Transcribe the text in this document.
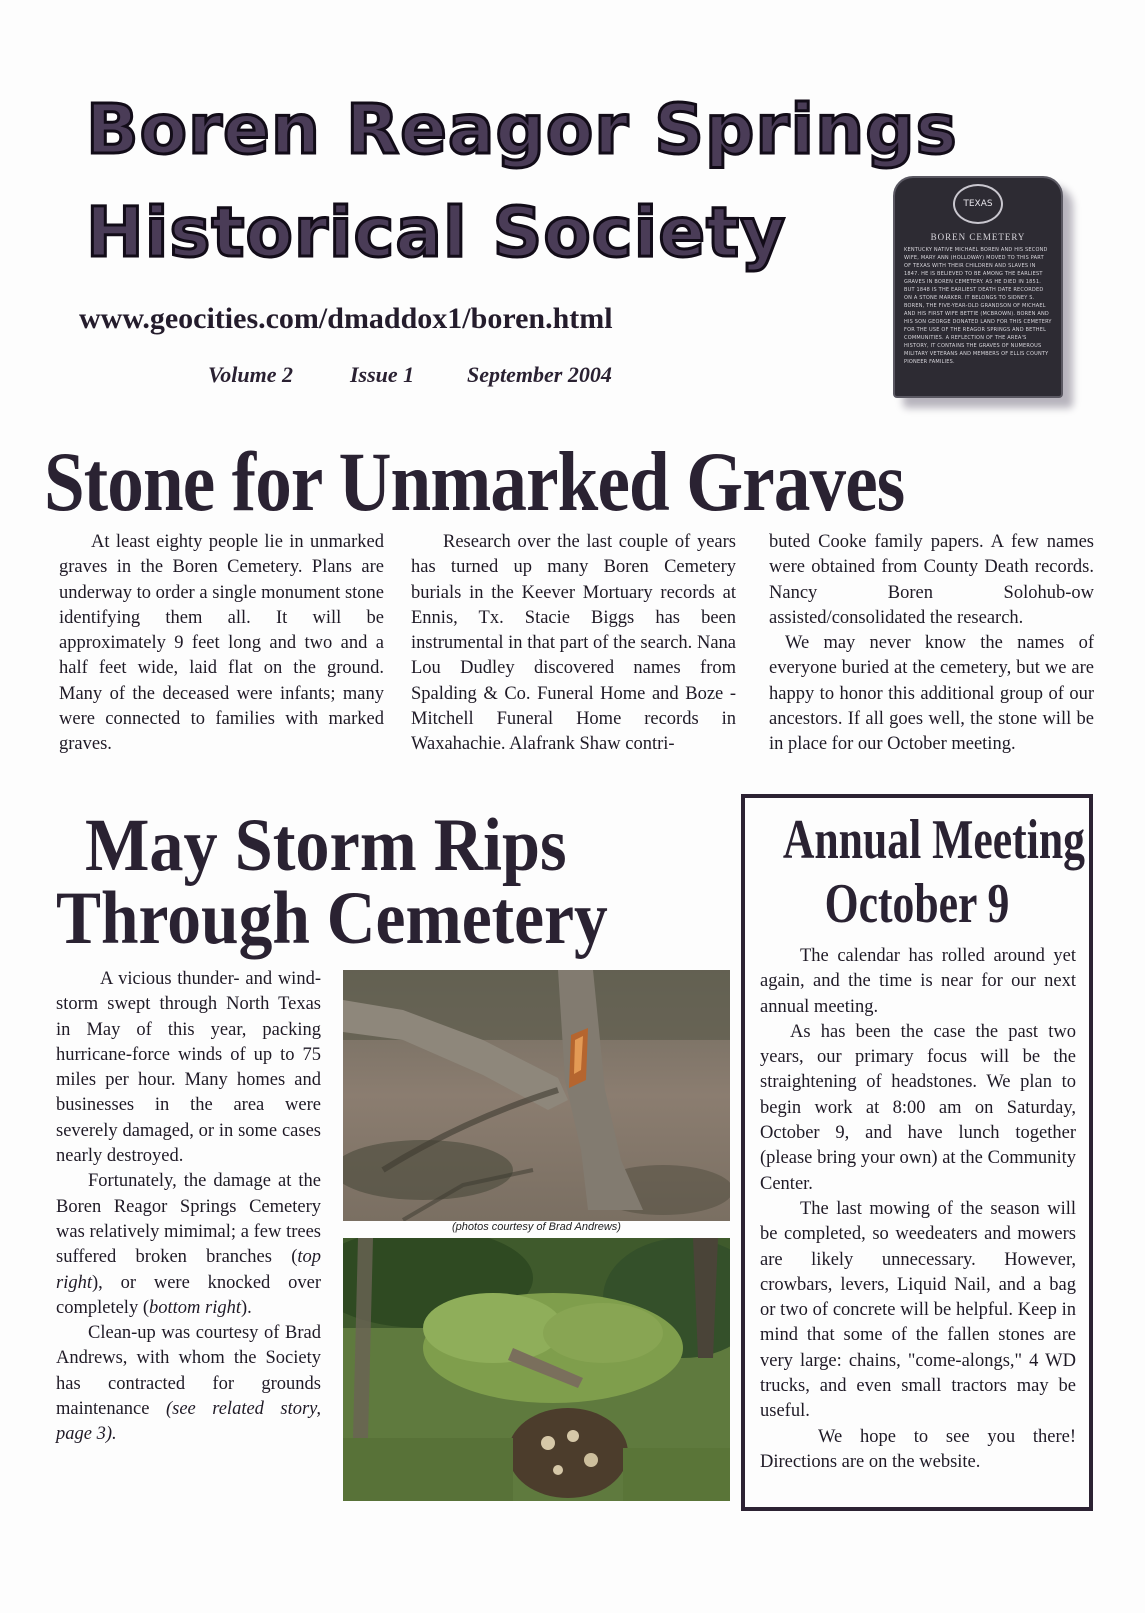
Boren Reagor Springs
Historical Society
www.geocities.com/dmaddox1/boren.html
Volume 2	Issue 1 September 2004
TEXAS
BOREN CEMETERY
KENTUCKY NATIVE MICHAEL BOREN AND HIS SECOND WIFE, MARY ANN (HOLLOWAY) MOVED TO THIS PART OF TEXAS WITH THEIR CHILDREN AND SLAVES IN 1847. HE IS BELIEVED TO BE AMONG THE EARLIEST GRAVES IN BOREN CEMETERY. AS HE DIED IN 1851. BUT 1848 IS THE EARLIEST DEATH DATE RECORDED ON A STONE MARKER. IT BELONGS TO SIDNEY S. BOREN, THE FIVE-YEAR-OLD GRANDSON OF MICHAEL AND HIS FIRST WIFE BETTIE (MCBROWN). BOREN AND HIS SON GEORGE DONATED LAND FOR THIS CEMETERY FOR THE USE OF THE REAGOR SPRINGS AND BETHEL COMMUNITIES. A REFLECTION OF THE AREA'S HISTORY, IT CONTAINS THE GRAVES OF NUMEROUS MILITARY VETERANS AND MEMBERS OF ELLIS COUNTY PIONEER FAMILIES.
Stone for Unmarked Graves

At least eighty people lie in unmarked graves in the Boren Cemetery. Plans are underway to order a single monument stone identifying them all. It will be approximately 9 feet long and two and a half feet wide, laid flat on the ground. Many of the deceased were infants; many were connected to families with marked graves.

Research over the last couple of years has turned up many Boren Cemetery burials in the Keever Mortuary records at Ennis, Tx. Stacie Biggs has been instrumental in that part of the search. Nana Lou Dudley discovered names from Spalding & Co. Funeral Home and Boze - Mitchell Funeral Home records in Waxahachie. Alafrank Shaw contri-

buted Cooke family papers. A few names were obtained from County Death records. Nancy Boren Solohub-ow assisted/consolidated the research.

We may never know the names of everyone buried at the cemetery, but we are happy to honor this additional group of our ancestors. If all goes well, the stone will be in place for our October meeting.

May Storm Rips
Through Cemetery

A vicious thunder- and wind-storm swept through North Texas in May of this year, packing hurricane-force winds of up to 75 miles per hour. Many homes and businesses in the area were severely damaged, or in some cases nearly destroyed.

Fortunately, the damage at the Boren Reagor Springs Cemetery was relatively mimimal; a few trees suffered broken branches (top right), or were knocked over completely (bottom right).

Clean-up was courtesy of Brad Andrews, with whom the Society has contracted for grounds maintenance (see related story, page 3).

(photos courtesy of Brad Andrews)
Annual Meeting
October 9

The calendar has rolled around yet again, and the time is near for our next annual meeting.

As has been the case the past two years, our primary focus will be the straightening of headstones. We plan to begin work at 8:00 am on Saturday, October 9, and have lunch together (please bring your own) at the Community Center.

The last mowing of the season will be completed, so weedeaters and mowers are likely unnecessary. However, crowbars, levers, Liquid Nail, and a bag or two of concrete will be helpful. Keep in mind that some of the fallen stones are very large: chains, "come-alongs," 4 WD trucks, and even small tractors may be useful.

We hope to see you there! Directions are on the website.
